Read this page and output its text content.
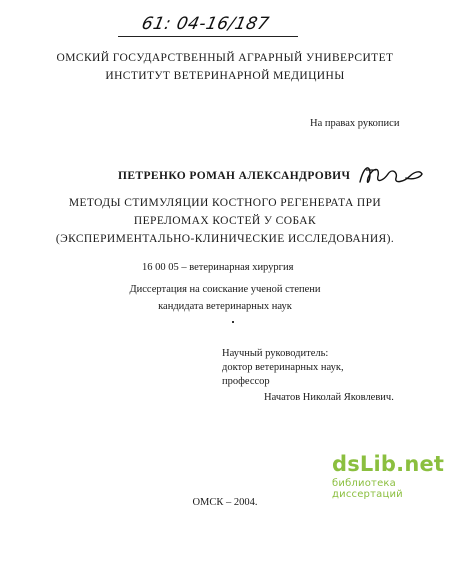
61: 04-16/187
ОМСКИЙ ГОСУДАРСТВЕННЫЙ АГРАРНЫЙ УНИВЕРСИТЕТ
ИНСТИТУТ ВЕТЕРИНАРНОЙ МЕДИЦИНЫ
На правах рукописи
ПЕТРЕНКО РОМАН АЛЕКСАНДРОВИЧ
МЕТОДЫ СТИМУЛЯЦИИ КОСТНОГО РЕГЕНЕРАТА ПРИ
ПЕРЕЛОМАХ КОСТЕЙ У СОБАК
(ЭКСПЕРИМЕНТАЛЬНО-КЛИНИЧЕСКИЕ ИССЛЕДОВАНИЯ).
16 00 05 – ветеринарная хирургия
Диссертация на соискание ученой степени
кандидата ветеринарных наук
Научный руководитель:
доктор ветеринарных наук,
профессор
Начатов Николай Яковлевич.
ОМСК – 2004.
dsLib.net
библиотека диссертаций
